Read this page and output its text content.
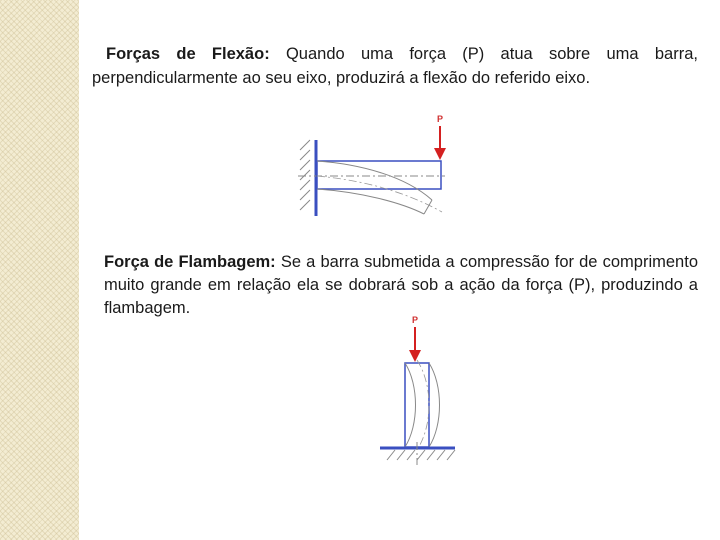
Forças de Flexão: Quando uma força (P) atua sobre uma barra, perpendicularmente ao seu eixo, produzirá a flexão do referido eixo.

P

Força de Flambagem: Se a barra submetida a compressão for de comprimento muito grande em relação ela se dobrará sob a ação da força (P), produzindo a flambagem.

P
